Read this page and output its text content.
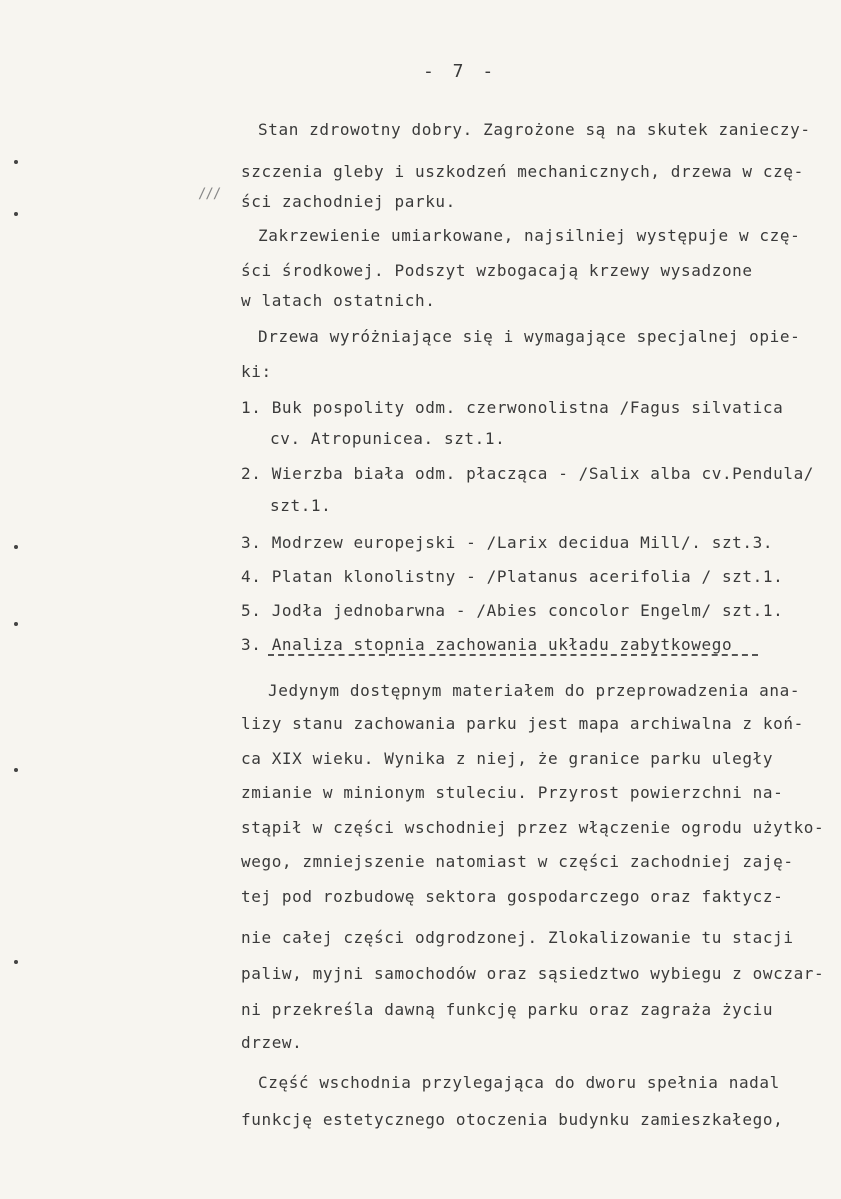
- 7 -
///
Stan zdrowotny dobry. Zagrożone są na skutek zanieczy-
szczenia gleby i uszkodzeń mechanicznych, drzewa w czę-
ści zachodniej parku.
Zakrzewienie umiarkowane, najsilniej występuje w czę-
ści środkowej. Podszyt wzbogacają krzewy wysadzone
w latach ostatnich.
Drzewa wyróżniające się i wymagające specjalnej opie-
ki:
1. Buk pospolity odm. czerwonolistna /Fagus silvatica
cv. Atropunicea. szt.1.
2. Wierzba biała odm. płacząca - /Salix alba cv.Pendula/
szt.1.
3. Modrzew europejski - /Larix decidua Mill/. szt.3.
4. Platan klonolistny - /Platanus acerifolia / szt.1.
5. Jodła jednobarwna - /Abies concolor Engelm/ szt.1.
3. Analiza stopnia zachowania układu zabytkowego
Jedynym dostępnym materiałem do przeprowadzenia ana-
lizy stanu zachowania parku jest mapa archiwalna z koń-
ca XIX wieku. Wynika z niej, że granice parku uległy
zmianie w minionym stuleciu. Przyrost powierzchni na-
stąpił w części wschodniej przez włączenie ogrodu użytko-
wego, zmniejszenie natomiast w części zachodniej zaję-
tej pod rozbudowę sektora gospodarczego oraz faktycz-
nie całej części odgrodzonej. Zlokalizowanie tu stacji
paliw, myjni samochodów oraz sąsiedztwo wybiegu z owczar-
ni przekreśla dawną funkcję parku oraz zagraża życiu
drzew.
Część wschodnia przylegająca do dworu spełnia nadal
funkcję estetycznego otoczenia budynku zamieszkałego,
